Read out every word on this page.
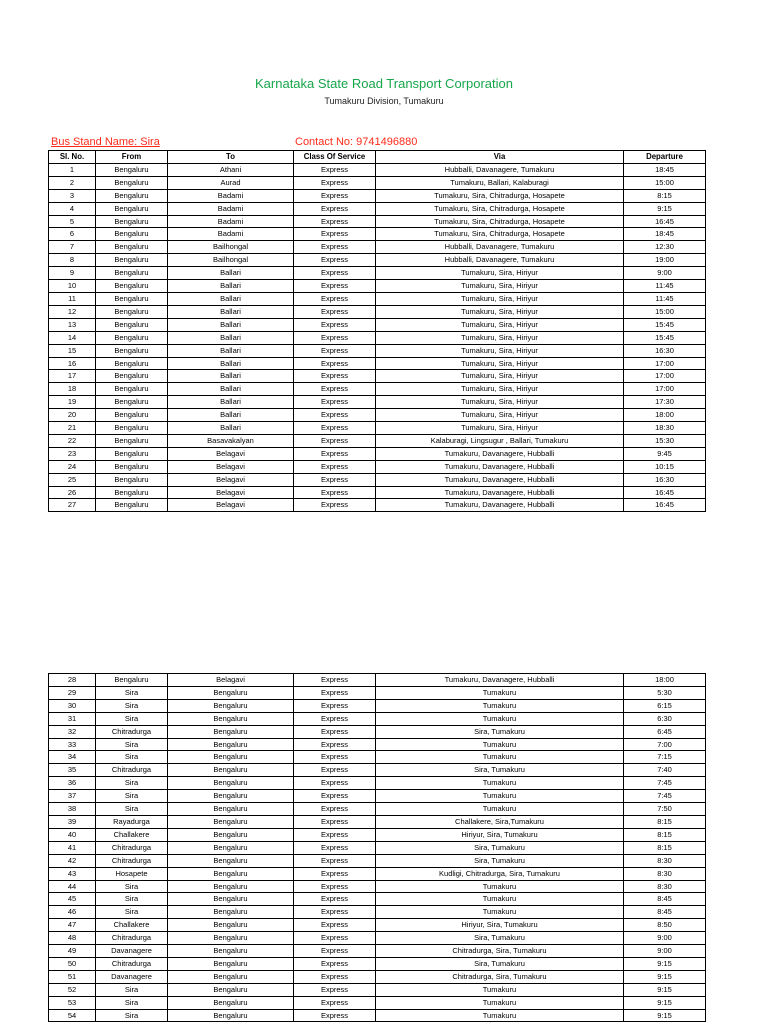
Karnataka State Road Transport Corporation
Tumakuru Division, Tumakuru
Bus Stand Name: Sira	Contact No: 9741496880
Sl. No.	From	To	Class Of Service	Via	Departure
1	Bengaluru	Athani	Express	Hubballi, Davanagere, Tumakuru	18:45
2	Bengaluru	Aurad	Express	Tumakuru, Ballari, Kalaburagi	15:00
3	Bengaluru	Badami	Express	Tumakuru, Sira, Chitradurga, Hosapete	8:15
4	Bengaluru	Badami	Express	Tumakuru, Sira, Chitradurga, Hosapete	9:15
5	Bengaluru	Badami	Express	Tumakuru, Sira, Chitradurga, Hosapete	16:45
6	Bengaluru	Badami	Express	Tumakuru, Sira, Chitradurga, Hosapete	18:45
7	Bengaluru	Bailhongal	Express	Hubballi, Davanagere, Tumakuru	12:30
8	Bengaluru	Bailhongal	Express	Hubballi, Davanagere, Tumakuru	19:00
9	Bengaluru	Ballari	Express	Tumakuru, Sira, Hiriyur	9:00
10	Bengaluru	Ballari	Express	Tumakuru, Sira, Hiriyur	11:45
11	Bengaluru	Ballari	Express	Tumakuru, Sira, Hiriyur	11:45
12	Bengaluru	Ballari	Express	Tumakuru, Sira, Hiriyur	15:00
13	Bengaluru	Ballari	Express	Tumakuru, Sira, Hiriyur	15:45
14	Bengaluru	Ballari	Express	Tumakuru, Sira, Hiriyur	15:45
15	Bengaluru	Ballari	Express	Tumakuru, Sira, Hiriyur	16:30
16	Bengaluru	Ballari	Express	Tumakuru, Sira, Hiriyur	17:00
17	Bengaluru	Ballari	Express	Tumakuru, Sira, Hiriyur	17:00
18	Bengaluru	Ballari	Express	Tumakuru, Sira, Hiriyur	17:00
19	Bengaluru	Ballari	Express	Tumakuru, Sira, Hiriyur	17:30
20	Bengaluru	Ballari	Express	Tumakuru, Sira, Hiriyur	18:00
21	Bengaluru	Ballari	Express	Tumakuru, Sira, Hiriyur	18:30
22	Bengaluru	Basavakalyan	Express	Kalaburagi, Lingsugur , Ballari, Tumakuru	15:30
23	Bengaluru	Belagavi	Express	Tumakuru, Davanagere, Hubballi	9:45
24	Bengaluru	Belagavi	Express	Tumakuru, Davanagere, Hubballi	10:15
25	Bengaluru	Belagavi	Express	Tumakuru, Davanagere, Hubballi	16:30
26	Bengaluru	Belagavi	Express	Tumakuru, Davanagere, Hubballi	16:45
27	Bengaluru	Belagavi	Express	Tumakuru, Davanagere, Hubballi	16:45
28	Bengaluru	Belagavi	Express	Tumakuru, Davanagere, Hubballi	18:00
29	Sira	Bengaluru	Express	Tumakuru	5:30
30	Sira	Bengaluru	Express	Tumakuru	6:15
31	Sira	Bengaluru	Express	Tumakuru	6:30
32	Chitradurga	Bengaluru	Express	Sira, Tumakuru	6:45
33	Sira	Bengaluru	Express	Tumakuru	7:00
34	Sira	Bengaluru	Express	Tumakuru	7:15
35	Chitradurga	Bengaluru	Express	Sira, Tumakuru	7:40
36	Sira	Bengaluru	Express	Tumakuru	7:45
37	Sira	Bengaluru	Express	Tumakuru	7:45
38	Sira	Bengaluru	Express	Tumakuru	7:50
39	Rayadurga	Bengaluru	Express	Challakere, Sira,Tumakuru	8:15
40	Challakere	Bengaluru	Express	Hiriyur, Sira, Tumakuru	8:15
41	Chitradurga	Bengaluru	Express	Sira, Tumakuru	8:15
42	Chitradurga	Bengaluru	Express	Sira, Tumakuru	8:30
43	Hosapete	Bengaluru	Express	Kudligi, Chitradurga, Sira, Tumakuru	8:30
44	Sira	Bengaluru	Express	Tumakuru	8:30
45	Sira	Bengaluru	Express	Tumakuru	8:45
46	Sira	Bengaluru	Express	Tumakuru	8:45
47	Challakere	Bengaluru	Express	Hiriyur, Sira, Tumakuru	8:50
48	Chitradurga	Bengaluru	Express	Sira, Tumakuru	9:00
49	Davanagere	Bengaluru	Express	Chitradurga, Sira, Tumakuru	9:00
50	Chitradurga	Bengaluru	Express	Sira, Tumakuru	9:15
51	Davanagere	Bengaluru	Express	Chitradurga, Sira, Tumakuru	9:15
52	Sira	Bengaluru	Express	Tumakuru	9:15
53	Sira	Bengaluru	Express	Tumakuru	9:15
54	Sira	Bengaluru	Express	Tumakuru	9:15
